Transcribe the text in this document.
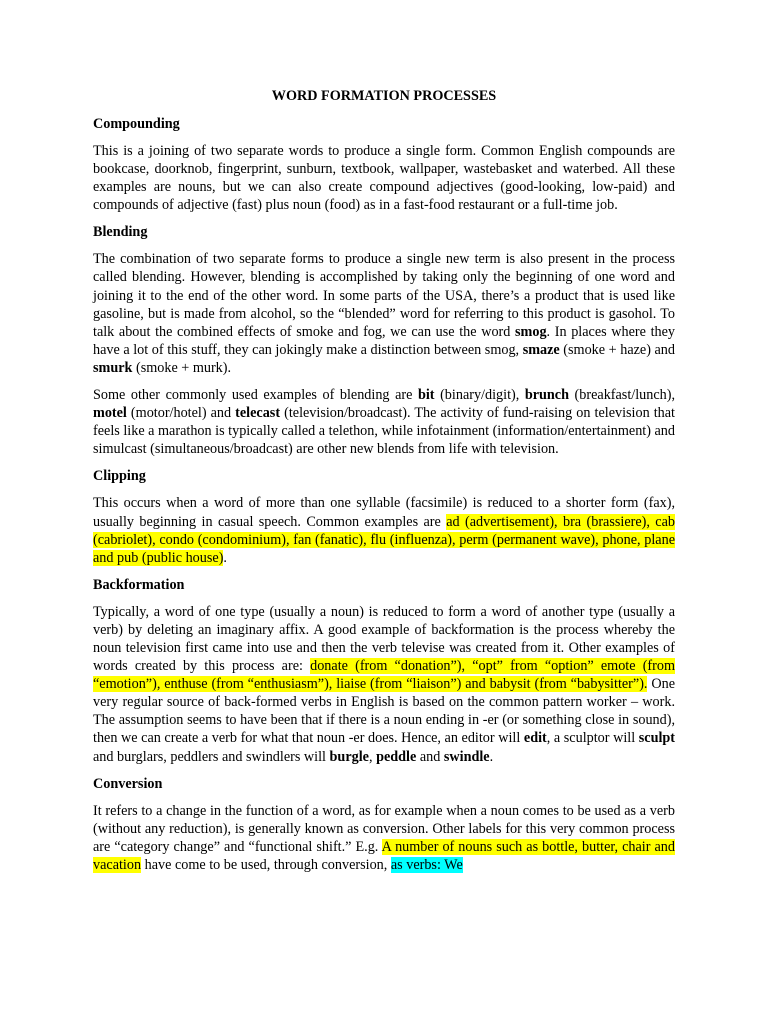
WORD FORMATION PROCESSES
Compounding

This is a joining of two separate words to produce a single form. Common English compounds are bookcase, doorknob, fingerprint, sunburn, textbook, wallpaper, wastebasket and waterbed. All these examples are nouns, but we can also create compound adjectives (good-looking, low-paid) and compounds of adjective (fast) plus noun (food) as in a fast-food restaurant or a full-time job.

Blending

The combination of two separate forms to produce a single new term is also present in the process called blending. However, blending is accomplished by taking only the beginning of one word and joining it to the end of the other word. In some parts of the USA, there’s a product that is used like gasoline, but is made from alcohol, so the “blended” word for referring to this product is gasohol. To talk about the combined effects of smoke and fog, we can use the word smog. In places where they have a lot of this stuff, they can jokingly make a distinction between smog, smaze (smoke + haze) and smurk (smoke + murk).

Some other commonly used examples of blending are bit (binary/digit), brunch (breakfast/lunch), motel (motor/hotel) and telecast (television/broadcast). The activity of fund-raising on television that feels like a marathon is typically called a telethon, while infotainment (information/entertainment) and simulcast (simultaneous/broadcast) are other new blends from life with television.

Clipping

This occurs when a word of more than one syllable (facsimile) is reduced to a shorter form (fax), usually beginning in casual speech. Common examples are ad (advertisement), bra (brassiere), cab (cabriolet), condo (condominium), fan (fanatic), flu (influenza), perm (permanent wave), phone, plane and pub (public house).

Backformation

Typically, a word of one type (usually a noun) is reduced to form a word of another type (usually a verb) by deleting an imaginary affix. A good example of backformation is the process whereby the noun television first came into use and then the verb televise was created from it. Other examples of words created by this process are: donate (from “donation”), “opt” from “option” emote (from “emotion”), enthuse (from “enthusiasm”), liaise (from “liaison”) and babysit (from “babysitter”). One very regular source of back-formed verbs in English is based on the common pattern worker – work. The assumption seems to have been that if there is a noun ending in -er (or something close in sound), then we can create a verb for what that noun -er does. Hence, an editor will edit, a sculptor will sculpt and burglars, peddlers and swindlers will burgle, peddle and swindle.

Conversion

It refers to a change in the function of a word, as for example when a noun comes to be used as a verb (without any reduction), is generally known as conversion. Other labels for this very common process are “category change” and “functional shift.” E.g. A number of nouns such as bottle, butter, chair and vacation have come to be used, through conversion, as verbs: We
